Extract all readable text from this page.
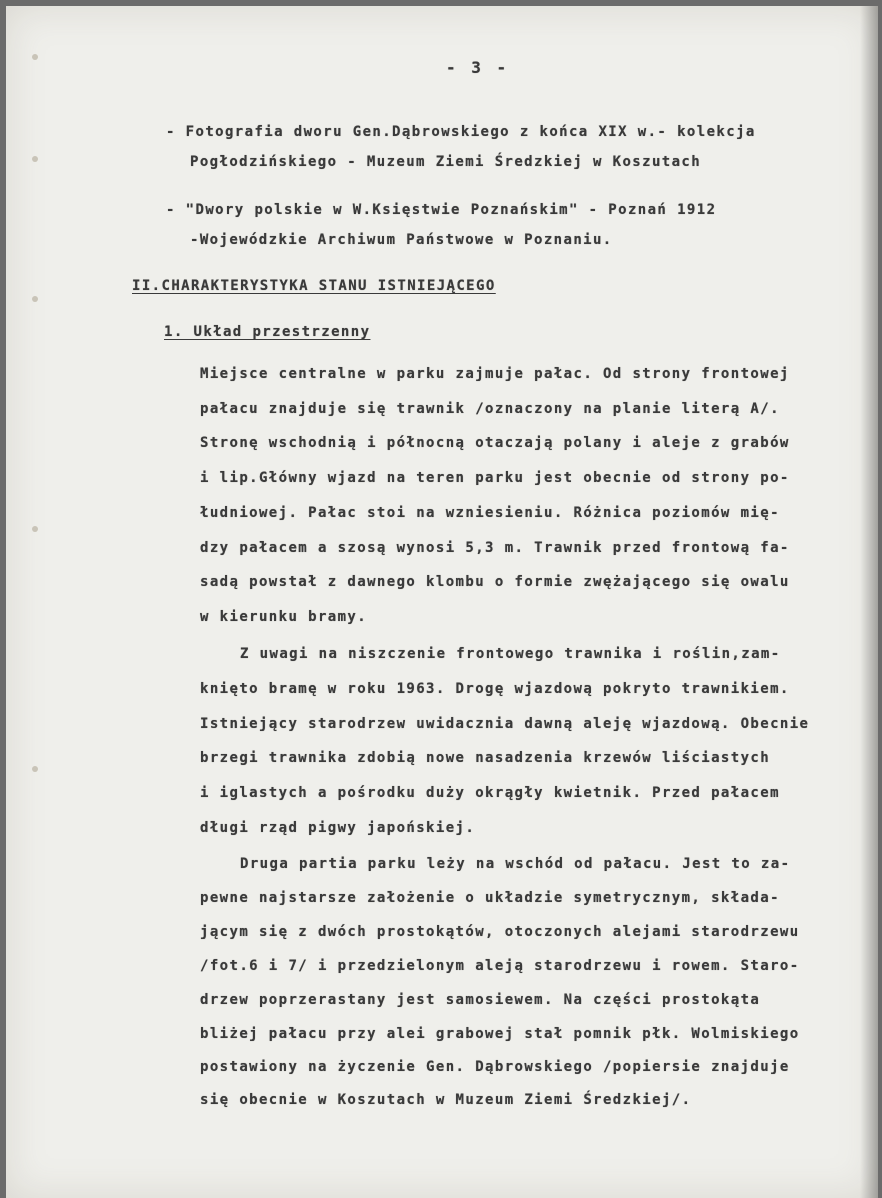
- 3 -
- Fotografia dworu Gen.Dąbrowskiego z końca XIX w.- kolekcja
Pogłodzińskiego - Muzeum Ziemi Średzkiej w Koszutach
- "Dwory polskie w W.Księstwie Poznańskim" - Poznań 1912
-Wojewódzkie Archiwum Państwowe w Poznaniu.
II.CHARAKTERYSTYKA STANU ISTNIEJĄCEGO
1. Układ przestrzenny
Miejsce centralne w parku zajmuje pałac. Od strony frontowej
pałacu znajduje się trawnik /oznaczony na planie literą A/.
Stronę wschodnią i północną otaczają polany i aleje z grabów
i lip.Główny wjazd na teren parku jest obecnie od strony po-
łudniowej. Pałac stoi na wzniesieniu. Różnica poziomów mię-
dzy pałacem a szosą wynosi 5,3 m. Trawnik przed frontową fa-
sadą powstał z dawnego klombu o formie zwężającego się owalu
w kierunku bramy.
Z uwagi na niszczenie frontowego trawnika i roślin,zam-
knięto bramę w roku 1963. Drogę wjazdową pokryto trawnikiem.
Istniejący starodrzew uwidacznia dawną aleję wjazdową. Obecnie
brzegi trawnika zdobią nowe nasadzenia krzewów liściastych
i iglastych a pośrodku duży okrągły kwietnik. Przed pałacem
długi rząd pigwy japońskiej.
Druga partia parku leży na wschód od pałacu. Jest to za-
pewne najstarsze założenie o układzie symetrycznym, składa-
jącym się z dwóch prostokątów, otoczonych alejami starodrzewu
/fot.6 i 7/ i przedzielonym aleją starodrzewu i rowem. Staro-
drzew poprzerastany jest samosiewem. Na części prostokąta
bliżej pałacu przy alei grabowej stał pomnik płk. Wolmiskiego
postawiony na życzenie Gen. Dąbrowskiego /popiersie znajduje
się obecnie w Koszutach w Muzeum Ziemi Średzkiej/.
